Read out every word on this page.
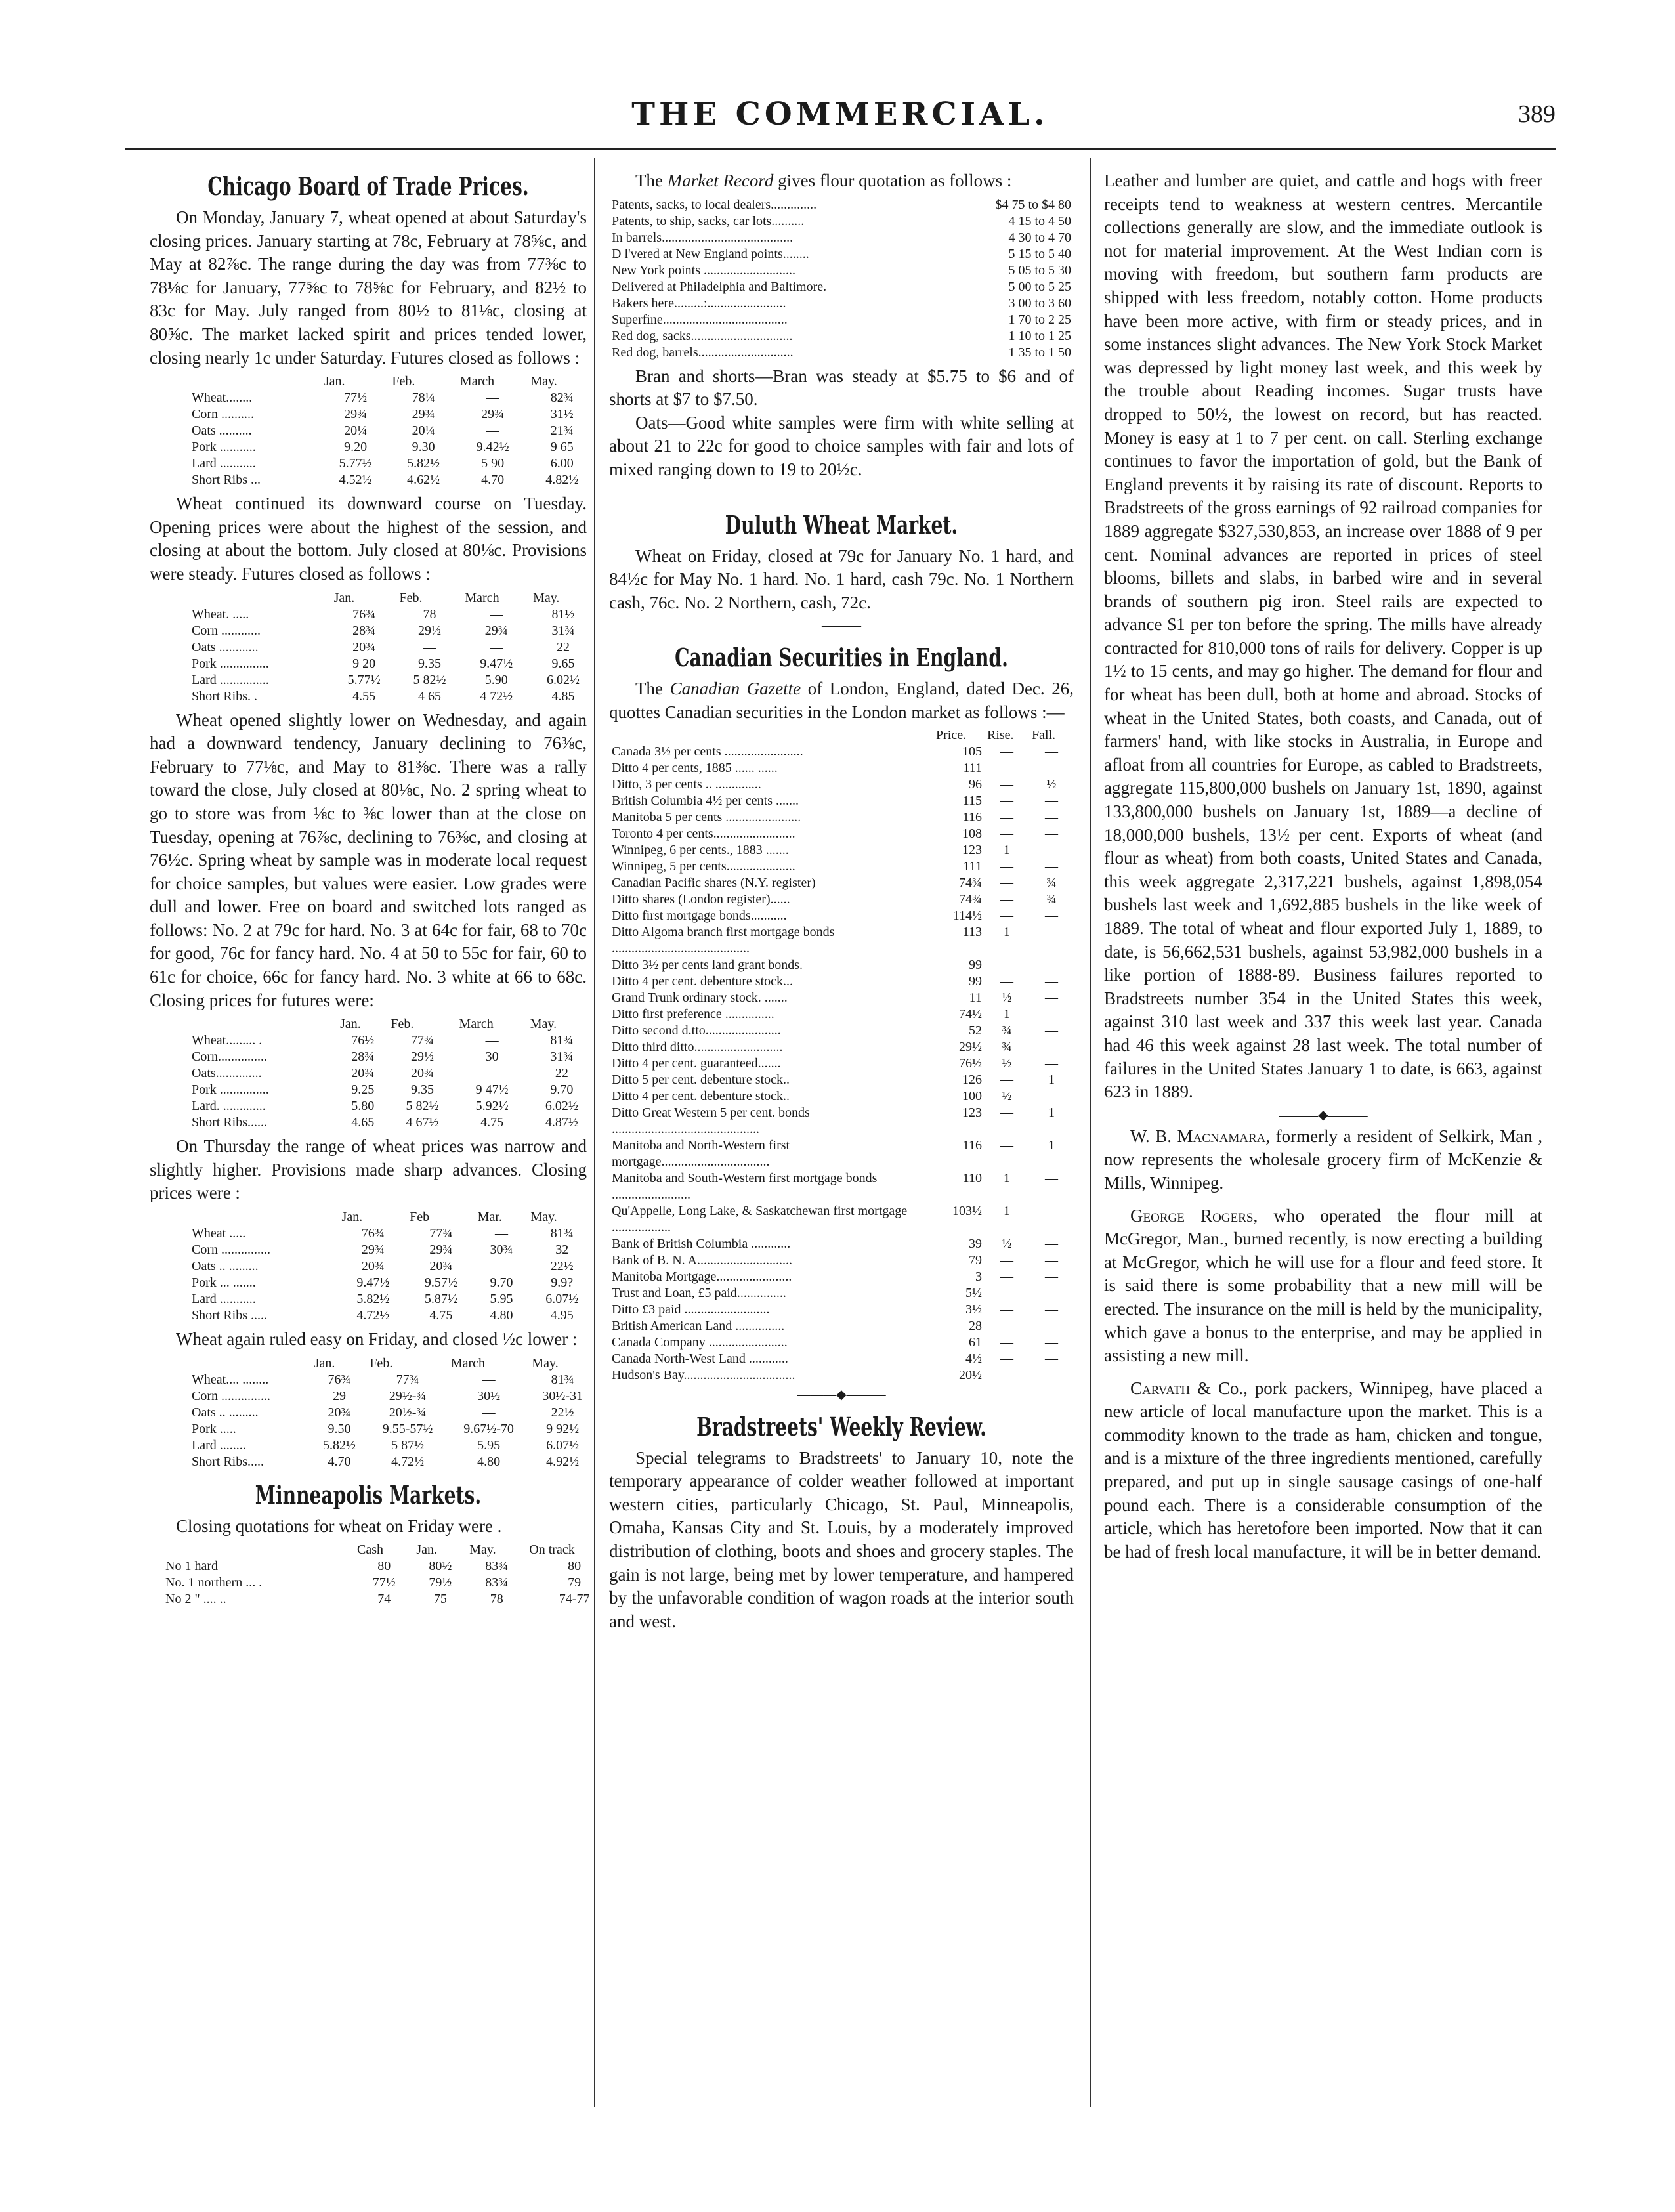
THE COMMERCIAL.	389
Chicago Board of Trade Prices.

On Monday, January 7, wheat opened at about Saturday's closing prices. January starting at 78c, February at 78⅝c, and May at 82⅞c. The range during the day was from 77⅜c to 78⅛c for January, 77⅝c to 78⅝c for February, and 82½ to 83c for May. July ranged from 80½ to 81⅛c, closing at 80⅝c. The market lacked spirit and prices tended lower, closing nearly 1c under Saturday. Futures closed as follows :

	Jan.	Feb.	March	May.
Wheat........	77½	78¼	—	82¾
Corn ..........	29¾	29¾	29¾	31½
Oats ..........	20¼	20¼	—	21¾
Pork ...........	9.20	9.30	9.42½	9 65
Lard ...........	5.77½	5.82½	5 90	6.00
Short Ribs ...	4.52½	4.62½	4.70	4.82½

Wheat continued its downward course on Tuesday. Opening prices were about the highest of the session, and closing at about the bottom. July closed at 80⅛c. Provisions were steady. Futures closed as follows :

	Jan.	Feb.	March	May.
Wheat. .....	76¾	78	—	81½
Corn ............	28¾	29½	29¾	31¾
Oats ............	20¾	—	—	22
Pork ...............	9 20	9.35	9.47½	9.65
Lard ...............	5.77½	5 82½	5.90	6.02½
Short Ribs. .	4.55	4 65	4 72½	4.85

Wheat opened slightly lower on Wednesday, and again had a downward tendency, January declining to 76⅜c, February to 77⅛c, and May to 81⅜c. There was a rally toward the close, July closed at 80⅛c, No. 2 spring wheat to go to store was from ⅛c to ⅜c lower than at the close on Tuesday, opening at 76⅞c, declining to 76⅜c, and closing at 76½c. Spring wheat by sample was in moderate local request for choice samples, but values were easier. Low grades were dull and lower. Free on board and switched lots ranged as follows: No. 2 at 79c for hard. No. 3 at 64c for fair, 68 to 70c for good, 76c for fancy hard. No. 4 at 50 to 55c for fair, 60 to 61c for choice, 66c for fancy hard. No. 3 white at 66 to 68c. Closing prices for futures were:

	Jan.	Feb.	March	May.
Wheat......... .	76½	77¾	—	81¾
Corn...............	28¾	29½	30	31¾
Oats..............	20¾	20¾	—	22
Pork ...............	9.25	9.35	9 47½	9.70
Lard. .............	5.80	5 82½	5.92½	6.02½
Short Ribs......	4.65	4 67½	4.75	4.87½

On Thursday the range of wheat prices was narrow and slightly higher. Provisions made sharp advances. Closing prices were :

	Jan.	Feb	Mar.	May.
Wheat .....	76¾	77¾	—	81¾
Corn ...............	29¾	29¾	30¾	32
Oats .. .........	20¾	20¾	—	22½
Pork ... .......	9.47½	9.57½	9.70	9.9?
Lard ...........	5.82½	5.87½	5.95	6.07½
Short Ribs .....	4.72½	4.75	4.80	4.95

Wheat again ruled easy on Friday, and closed ½c lower :

	Jan.	Feb.	March	May.
Wheat.... ........	76¾	77¾	—	81¾
Corn ...............	29	29½-¾	30½	30½-31
Oats .. .........	20¾	20½-¾	—	22½
Pork .....	9.50	9.55-57½	9.67½-70	9 92½
Lard ........	5.82½	5 87½	5.95	6.07½
Short Ribs.....	4.70	4.72½	4.80	4.92½
Minneapolis Markets.

Closing quotations for wheat on Friday were .

	Cash	Jan.	May.	On track
No 1 hard	80	80½	83¾	80
No. 1 northern ... .	77½	79½	83¾	79
No 2 " .... ..	74	75	78	74-77

The Market Record gives flour quotation as follows :

Patents, sacks, to local dealers..............	$4 75 to $4 80
Patents, to ship, sacks, car lots..........	4 15 to 4 50
In barrels........................................	4 30 to 4 70
D l'vered at New England points........	5 15 to 5 40
New York points ............................	5 05 to 5 30
Delivered at Philadelphia and Baltimore.	5 00 to 5 25
Bakers here.........:........................	3 00 to 3 60
Superfine......................................	1 70 to 2 25
Red dog, sacks...............................	1 10 to 1 25
Red dog, barrels.............................	1 35 to 1 50

Bran and shorts—Bran was steady at $5.75 to $6 and of shorts at $7 to $7.50.

Oats—Good white samples were firm with white selling at about 21 to 22c for good to choice samples with fair and lots of mixed ranging down to 19 to 20½c.

———
Duluth Wheat Market.

Wheat on Friday, closed at 79c for January No. 1 hard, and 84½c for May No. 1 hard. No. 1 hard, cash 79c. No. 1 Northern cash, 76c. No. 2 Northern, cash, 72c.

———
Canadian Securities in England.

The Canadian Gazette of London, England, dated Dec. 26, quottes Canadian securities in the London market as follows :—

	Price.	Rise.	Fall.
Canada 3½ per cents ........................	105	—	—
Ditto 4 per cents, 1885 ...... ......	111	—	—
Ditto, 3 per cents .. ..............	96	—	½
British Columbia 4½ per cents .......	115	—	—
Manitoba 5 per cents .......................	116	—	—
Toronto 4 per cents.........................	108	—	—
Winnipeg, 6 per cents., 1883 .......	123	1	—
Winnipeg, 5 per cents.....................	111	—	—
Canadian Pacific shares (N.Y. register)	74¾	—	¾
Ditto shares (London register)......	74¾	—	¾
Ditto first mortgage bonds...........	114½	—	—
Ditto Algoma branch first mortgage bonds ..........................................	113	1	—
Ditto 3½ per cents land grant bonds.	99	—	—
Ditto 4 per cent. debenture stock...	99	—	—
Grand Trunk ordinary stock. .......	11	½	—
Ditto first preference ...............	74½	1	—
Ditto second d.tto.......................	52	¾	—
Ditto third ditto...........................	29½	¾	—
Ditto 4 per cent. guaranteed.......	76½	½	—
Ditto 5 per cent. debenture stock..	126	—	1
Ditto 4 per cent. debenture stock..	100	½	—
Ditto Great Western 5 per cent. bonds .............................................	123	—	1
Manitoba and North-Western first mortgage.................................	116	—	1
Manitoba and South-Western first mortgage bonds ........................	110	1	—
Qu'Appelle, Long Lake, & Saskatchewan first mortgage ..................	103½	1	—
Bank of British Columbia ............	39	½	—
Bank of B. N. A.............................	79	—	—
Manitoba Mortgage.......................	3	—	—
Trust and Loan, £5 paid...............	5½	—	—
Ditto £3 paid ..........................	3½	—	—
British American Land ...............	28	—	—
Canada Company ........................	61	—	—
Canada North-West Land ............	4½	—	—
Hudson's Bay..................................	20½	—	—
———◆———
Bradstreets' Weekly Review.

Special telegrams to Bradstreets' to January 10, note the temporary appearance of colder weather followed at important western cities, particularly Chicago, St. Paul, Minneapolis, Omaha, Kansas City and St. Louis, by a moderately improved distribution of clothing, boots and shoes and grocery staples. The gain is not large, being met by lower temperature, and hampered by the unfavorable condition of wagon roads at the interior south and west.

Leather and lumber are quiet, and cattle and hogs with freer receipts tend to weakness at western centres. Mercantile collections generally are slow, and the immediate outlook is not for material improvement. At the West Indian corn is moving with freedom, but southern farm products are shipped with less freedom, notably cotton. Home products have been more active, with firm or steady prices, and in some instances slight advances. The New York Stock Market was depressed by light money last week, and this week by the trouble about Reading incomes. Sugar trusts have dropped to 50½, the lowest on record, but has reacted. Money is easy at 1 to 7 per cent. on call. Sterling exchange continues to favor the importation of gold, but the Bank of England prevents it by raising its rate of discount. Reports to Bradstreets of the gross earnings of 92 railroad companies for 1889 aggregate $327,530,853, an increase over 1888 of 9 per cent. Nominal advances are reported in prices of steel blooms, billets and slabs, in barbed wire and in several brands of southern pig iron. Steel rails are expected to advance $1 per ton before the spring. The mills have already contracted for 810,000 tons of rails for delivery. Copper is up 1½ to 15 cents, and may go higher. The demand for flour and for wheat has been dull, both at home and abroad. Stocks of wheat in the United States, both coasts, and Canada, out of farmers' hand, with like stocks in Australia, in Europe and afloat from all countries for Europe, as cabled to Bradstreets, aggregate 115,800,000 bushels on January 1st, 1890, against 133,800,000 bushels on January 1st, 1889—a decline of 18,000,000 bushels, 13½ per cent. Exports of wheat (and flour as wheat) from both coasts, United States and Canada, this week aggregate 2,317,221 bushels, against 1,898,054 bushels last week and 1,692,885 bushels in the like week of 1889. The total of wheat and flour exported July 1, 1889, to date, is 56,662,531 bushels, against 53,982,000 bushels in a like portion of 1888-89. Business failures reported to Bradstreets number 354 in the United States this week, against 310 last week and 337 this week last year. Canada had 46 this week against 28 last week. The total number of failures in the United States January 1 to date, is 663, against 623 in 1889.

———◆———

W. B. Macnamara, formerly a resident of Selkirk, Man , now represents the wholesale grocery firm of McKenzie & Mills, Winnipeg.

George Rogers, who operated the flour mill at McGregor, Man., burned recently, is now erecting a building at McGregor, which he will use for a flour and feed store. It is said there is some probability that a new mill will be erected. The insurance on the mill is held by the municipality, which gave a bonus to the enterprise, and may be applied in assisting a new mill.

Carvath & Co., pork packers, Winnipeg, have placed a new article of local manufacture upon the market. This is a commodity known to the trade as ham, chicken and tongue, and is a mixture of the three ingredients mentioned, carefully prepared, and put up in single sausage casings of one-half pound each. There is a considerable consumption of the article, which has heretofore been imported. Now that it can be had of fresh local manufacture, it will be in better demand.
